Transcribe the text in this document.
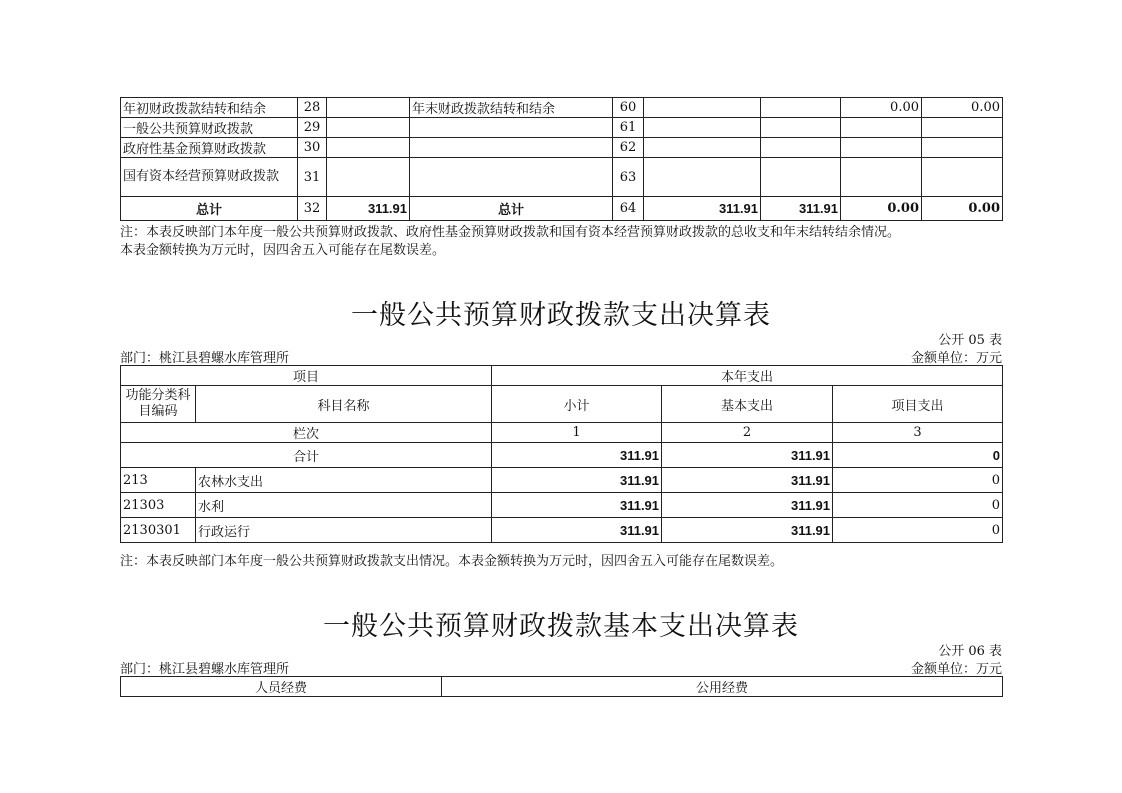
年初财政拨款结转和结余	28		年末财政拨款结转和结余	60			0.00	0.00
一般公共预算财政拨款	29			61				
政府性基金预算财政拨款	30			62				
国有资本经营预算财政拨款	31			63				
总计	32	311.91	总计	64	311.91	311.91	0.00	0.00
注：本表反映部门本年度一般公共预算财政拨款、政府性基金预算财政拨款和国有资本经营预算财政拨款的总收支和年末结转结余情况。
本表金额转换为万元时，因四舍五入可能存在尾数误差。
一般公共预算财政拨款支出决算表
公开 05 表
部门：桃江县碧螺水库管理所	金额单位：万元
项目		本年支出		
功能分类科目编码	科目名称	小计	基本支出	项目支出
栏次		1	2	3
合计		311.91	311.91	0
213	农林水支出	311.91	311.91	0
21303	水利	311.91	311.91	0
2130301	行政运行	311.91	311.91	0
注：本表反映部门本年度一般公共预算财政拨款支出情况。本表金额转换为万元时，因四舍五入可能存在尾数误差。
一般公共预算财政拨款基本支出决算表
公开 06 表
部门：桃江县碧螺水库管理所	金额单位：万元
人员经费	公用经费
